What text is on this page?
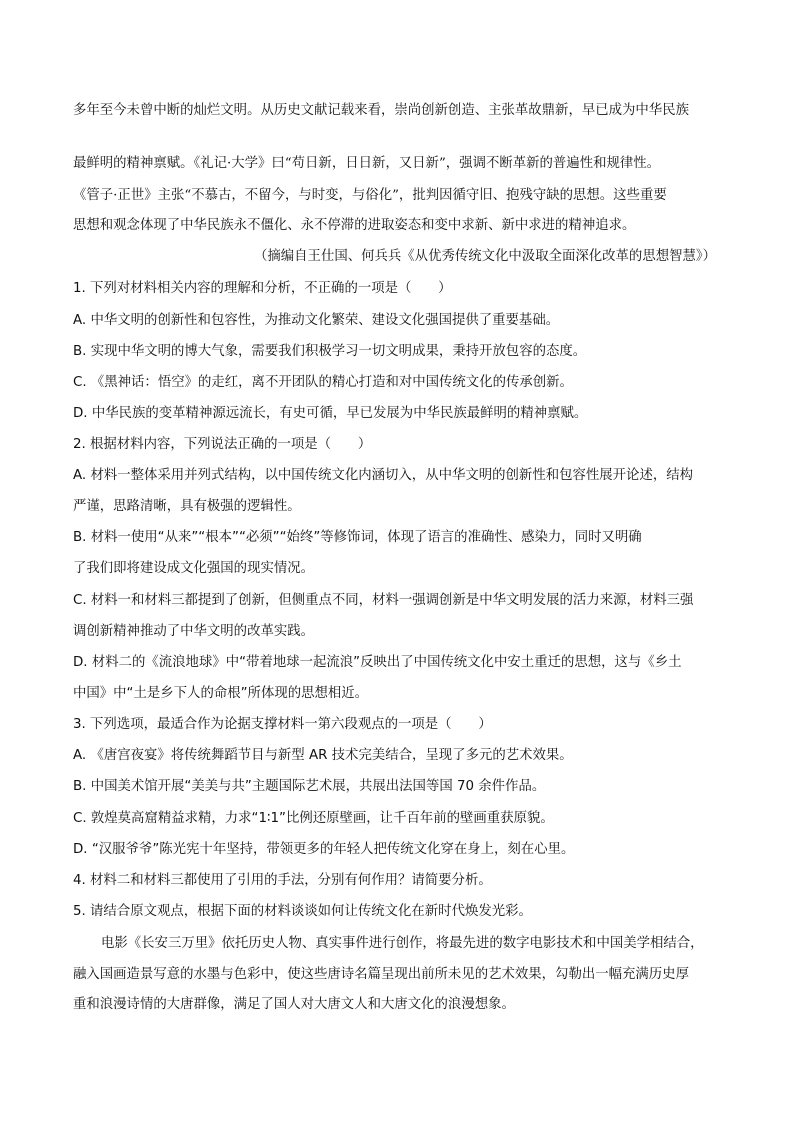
多年至今未曾中断的灿烂文明。从历史文献记载来看，崇尚创新创造、主张革故鼎新，早已成为中华民族
最鲜明的精神禀赋。《礼记·大学》曰“苟日新，日日新，又日新”，强调不断革新的普遍性和规律性。
《管子·正世》主张“不慕古，不留今，与时变，与俗化”，批判因循守旧、抱残守缺的思想。这些重要
思想和观念体现了中华民族永不僵化、永不停滞的进取姿态和变中求新、新中求进的精神追求。
（摘编自王仕国、何兵兵《从优秀传统文化中汲取全面深化改革的思想智慧》）
1. 下列对材料相关内容的理解和分析，不正确的一项是（　　）
A. 中华文明的创新性和包容性，为推动文化繁荣、建设文化强国提供了重要基础。
B. 实现中华文明的博大气象，需要我们积极学习一切文明成果，秉持开放包容的态度。
C. 《黑神话：悟空》的走红，离不开团队的精心打造和对中国传统文化的传承创新。
D. 中华民族的变革精神源远流长，有史可循，早已发展为中华民族最鲜明的精神禀赋。
2. 根据材料内容，下列说法正确的一项是（　　）
A. 材料一整体采用并列式结构，以中国传统文化内涵切入，从中华文明的创新性和包容性展开论述，结构
严谨，思路清晰，具有极强的逻辑性。
B. 材料一使用“从来”“根本”“必须”“始终”等修饰词，体现了语言的准确性、感染力，同时又明确
了我们即将建设成文化强国的现实情况。
C. 材料一和材料三都提到了创新，但侧重点不同，材料一强调创新是中华文明发展的活力来源，材料三强
调创新精神推动了中华文明的改革实践。
D. 材料二的《流浪地球》中“带着地球一起流浪”反映出了中国传统文化中安土重迁的思想，这与《乡土
中国》中“土是乡下人的命根”所体现的思想相近。
3. 下列选项，最适合作为论据支撑材料一第六段观点的一项是（　　）
A. 《唐宫夜宴》将传统舞蹈节目与新型 AR 技术完美结合，呈现了多元的艺术效果。
B. 中国美术馆开展“美美与共”主题国际艺术展，共展出法国等国 70 余件作品。
C. 敦煌莫高窟精益求精，力求“1∶1”比例还原壁画，让千百年前的壁画重获原貌。
D. “汉服爷爷”陈光宪十年坚持，带领更多的年轻人把传统文化穿在身上，刻在心里。
4. 材料二和材料三都使用了引用的手法，分别有何作用？请简要分析。
5. 请结合原文观点，根据下面的材料谈谈如何让传统文化在新时代焕发光彩。
电影《长安三万里》依托历史人物、真实事件进行创作，将最先进的数字电影技术和中国美学相结合，
融入国画造景写意的水墨与色彩中，使这些唐诗名篇呈现出前所未见的艺术效果，勾勒出一幅充满历史厚
重和浪漫诗情的大唐群像，满足了国人对大唐文人和大唐文化的浪漫想象。
